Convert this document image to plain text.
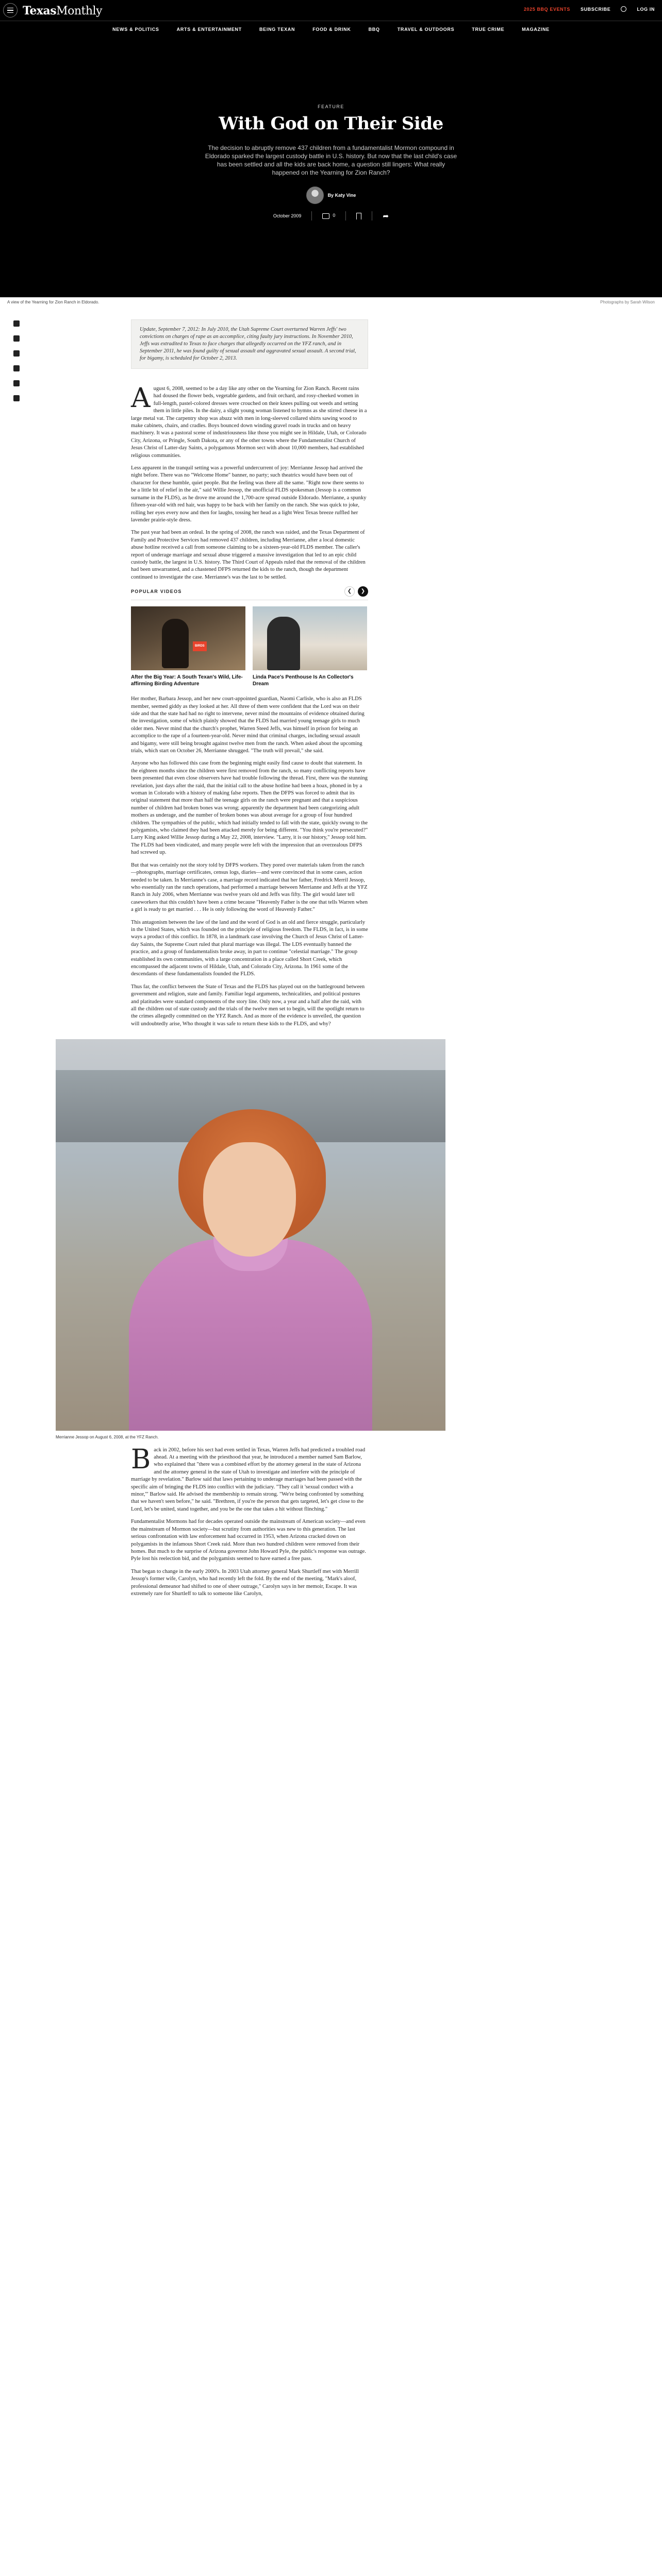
TexasMonthly	2025 BBQ EVENTS SUBSCRIBE	LOG IN
NEWS & POLITICS	ARTS & ENTERTAINMENT	BEING TEXAN	FOOD & DRINK	BBQ	TRAVEL & OUTDOORS	TRUE CRIME	MAGAZINE
FEATURE
With God on Their Side

The decision to abruptly remove 437 children from a fundamentalist Mormon compound in Eldorado sparked the largest custody battle in U.S. history. But now that the last child's case has been settled and all the kids are back home, a question still lingers: What really happened on the Yearning for Zion Ranch?

By Katy Vine
October 2009	0	➦
A view of the Yearning for Zion Ranch in Eldorado.	Photographs by Sarah Wilson
Update, September 7, 2012: In July 2010, the Utah Supreme Court overturned Warren Jeffs' two convictions on charges of rape as an accomplice, citing faulty jury instructions. In November 2010, Jeffs was extradited to Texas to face charges that allegedly occurred on the YFZ ranch, and in September 2011, he was found guilty of sexual assault and aggravated sexual assault. A second trial, for bigamy, is scheduled for October 2, 2013.

August 6, 2008, seemed to be a day like any other on the Yearning for Zion Ranch. Recent rains had doused the flower beds, vegetable gardens, and fruit orchard, and rosy-cheeked women in full-length, pastel-colored dresses were crouched on their knees pulling out weeds and setting them in little piles. In the dairy, a slight young woman listened to hymns as she stirred cheese in a large metal vat. The carpentry shop was abuzz with men in long-sleeved collared shirts sawing wood to make cabinets, chairs, and cradles. Boys bounced down winding gravel roads in trucks and on heavy machinery. It was a pastoral scene of industriousness like those you might see in Hildale, Utah, or Colorado City, Arizona, or Pringle, South Dakota, or any of the other towns where the Fundamentalist Church of Jesus Christ of Latter-day Saints, a polygamous Mormon sect with about 10,000 members, had established religious communities.

Less apparent in the tranquil setting was a powerful undercurrent of joy: Merrianne Jessop had arrived the night before. There was no "Welcome Home" banner, no party; such theatrics would have been out of character for these humble, quiet people. But the feeling was there all the same. "Right now there seems to be a little bit of relief in the air," said Willie Jessop, the unofficial FLDS spokesman (Jessop is a common surname in the FLDS), as he drove me around the 1,700-acre spread outside Eldorado. Merrianne, a spunky fifteen-year-old with red hair, was happy to be back with her family on the ranch. She was quick to joke, rolling her eyes every now and then for laughs, tossing her head as a light West Texas breeze ruffled her lavender prairie-style dress.

The past year had been an ordeal. In the spring of 2008, the ranch was raided, and the Texas Department of Family and Protective Services had removed 437 children, including Merrianne, after a local domestic abuse hotline received a call from someone claiming to be a sixteen-year-old FLDS member. The caller's report of underage marriage and sexual abuse triggered a massive investigation that led to an epic child custody battle, the largest in U.S. history. The Third Court of Appeals ruled that the removal of the children had been unwarranted, and a chastened DFPS returned the kids to the ranch, though the department continued to investigate the case. Merrianne's was the last to be settled.

POPULAR VIDEOS	❮	❯
BIRDS
After the Big Year: A South Texan's Wild, Life-affirming Birding Adventure
Linda Pace's Penthouse Is An Collector's Dream

Her mother, Barbara Jessop, and her new court-appointed guardian, Naomi Carlisle, who is also an FLDS member, seemed giddy as they looked at her. All three of them were confident that the Lord was on their side and that the state had had no right to intervene, never mind the mountains of evidence obtained during the investigation, some of which plainly showed that the FLDS had married young teenage girls to much older men. Never mind that the church's prophet, Warren Steed Jeffs, was himself in prison for being an accomplice to the rape of a fourteen-year-old. Never mind that criminal charges, including sexual assault and bigamy, were still being brought against twelve men from the ranch. When asked about the upcoming trials, which start on October 26, Merrianne shrugged. "The truth will prevail," she said.

Anyone who has followed this case from the beginning might easily find cause to doubt that statement. In the eighteen months since the children were first removed from the ranch, so many conflicting reports have been presented that even close observers have had trouble following the thread. First, there was the stunning revelation, just days after the raid, that the initial call to the abuse hotline had been a hoax, phoned in by a woman in Colorado with a history of making false reports. Then the DFPS was forced to admit that its original statement that more than half the teenage girls on the ranch were pregnant and that a suspicious number of children had broken bones was wrong; apparently the department had been categorizing adult mothers as underage, and the number of broken bones was about average for a group of four hundred children. The sympathies of the public, which had initially tended to fall with the state, quickly swung to the polygamists, who claimed they had been attacked merely for being different. "You think you're persecuted?" Larry King asked Willie Jessop during a May 22, 2008, interview. "Larry, it is our history," Jessop told him. The FLDS had been vindicated, and many people were left with the impression that an overzealous DFPS had screwed up.

But that was certainly not the story told by DFPS workers. They pored over materials taken from the ranch—photographs, marriage certificates, census logs, diaries—and were convinced that in some cases, action needed to be taken. In Merrianne's case, a marriage record indicated that her father, Fredrick Merril Jessop, who essentially ran the ranch operations, had performed a marriage between Merrianne and Jeffs at the YFZ Ranch in July 2006, when Merrianne was twelve years old and Jeffs was fifty. The girl would later tell caseworkers that this couldn't have been a crime because "Heavenly Father is the one that tells Warren when a girl is ready to get married . . . He is only following the word of Heavenly Father."

This antagonism between the law of the land and the word of God is an old and fierce struggle, particularly in the United States, which was founded on the principle of religious freedom. The FLDS, in fact, is in some ways a product of this conflict. In 1878, in a landmark case involving the Church of Jesus Christ of Latter-day Saints, the Supreme Court ruled that plural marriage was illegal. The LDS eventually banned the practice, and a group of fundamentalists broke away, in part to continue "celestial marriage." The group established its own communities, with a large concentration in a place called Short Creek, which encompassed the adjacent towns of Hildale, Utah, and Colorado City, Arizona. In 1961 some of the descendants of these fundamentalists founded the FLDS.

Thus far, the conflict between the State of Texas and the FLDS has played out on the battleground between government and religion, state and family. Familiar legal arguments, technicalities, and political postures and platitudes were standard components of the story line. Only now, a year and a half after the raid, with all the children out of state custody and the trials of the twelve men set to begin, will the spotlight return to the crimes allegedly committed on the YFZ Ranch. And as more of the evidence is unveiled, the question will undoubtedly arise, Who thought it was safe to return these kids to the FLDS, and why?

Merrianne Jessop on August 6, 2008, at the YFZ Ranch.

Back in 2002, before his sect had even settled in Texas, Warren Jeffs had predicted a troubled road ahead. At a meeting with the priesthood that year, he introduced a member named Sam Barlow, who explained that "there was a combined effort by the attorney general in the state of Arizona and the attorney general in the state of Utah to investigate and interfere with the principle of marriage by revelation." Barlow said that laws pertaining to underage marriages had been passed with the specific aim of bringing the FLDS into conflict with the judiciary. "They call it 'sexual conduct with a minor,'" Barlow said. He advised the membership to remain strong. "We're being confronted by something that we haven't seen before," he said. "Brethren, if you're the person that gets targeted, let's get close to the Lord, let's be united, stand together, and you be the one that takes a hit without flinching."

Fundamentalist Mormons had for decades operated outside the mainstream of American society—and even the mainstream of Mormon society—but scrutiny from authorities was new to this generation. The last serious confrontation with law enforcement had occurred in 1953, when Arizona cracked down on polygamists in the infamous Short Creek raid. More than two hundred children were removed from their homes. But much to the surprise of Arizona governor John Howard Pyle, the public's response was outrage. Pyle lost his reelection bid, and the polygamists seemed to have earned a free pass.

That began to change in the early 2000's. In 2003 Utah attorney general Mark Shurtleff met with Merrill Jessop's former wife, Carolyn, who had recently left the fold. By the end of the meeting, "Mark's aloof, professional demeanor had shifted to one of sheer outrage," Carolyn says in her memoir, Escape. It was extremely rare for Shurtleff to talk to someone like Carolyn,
